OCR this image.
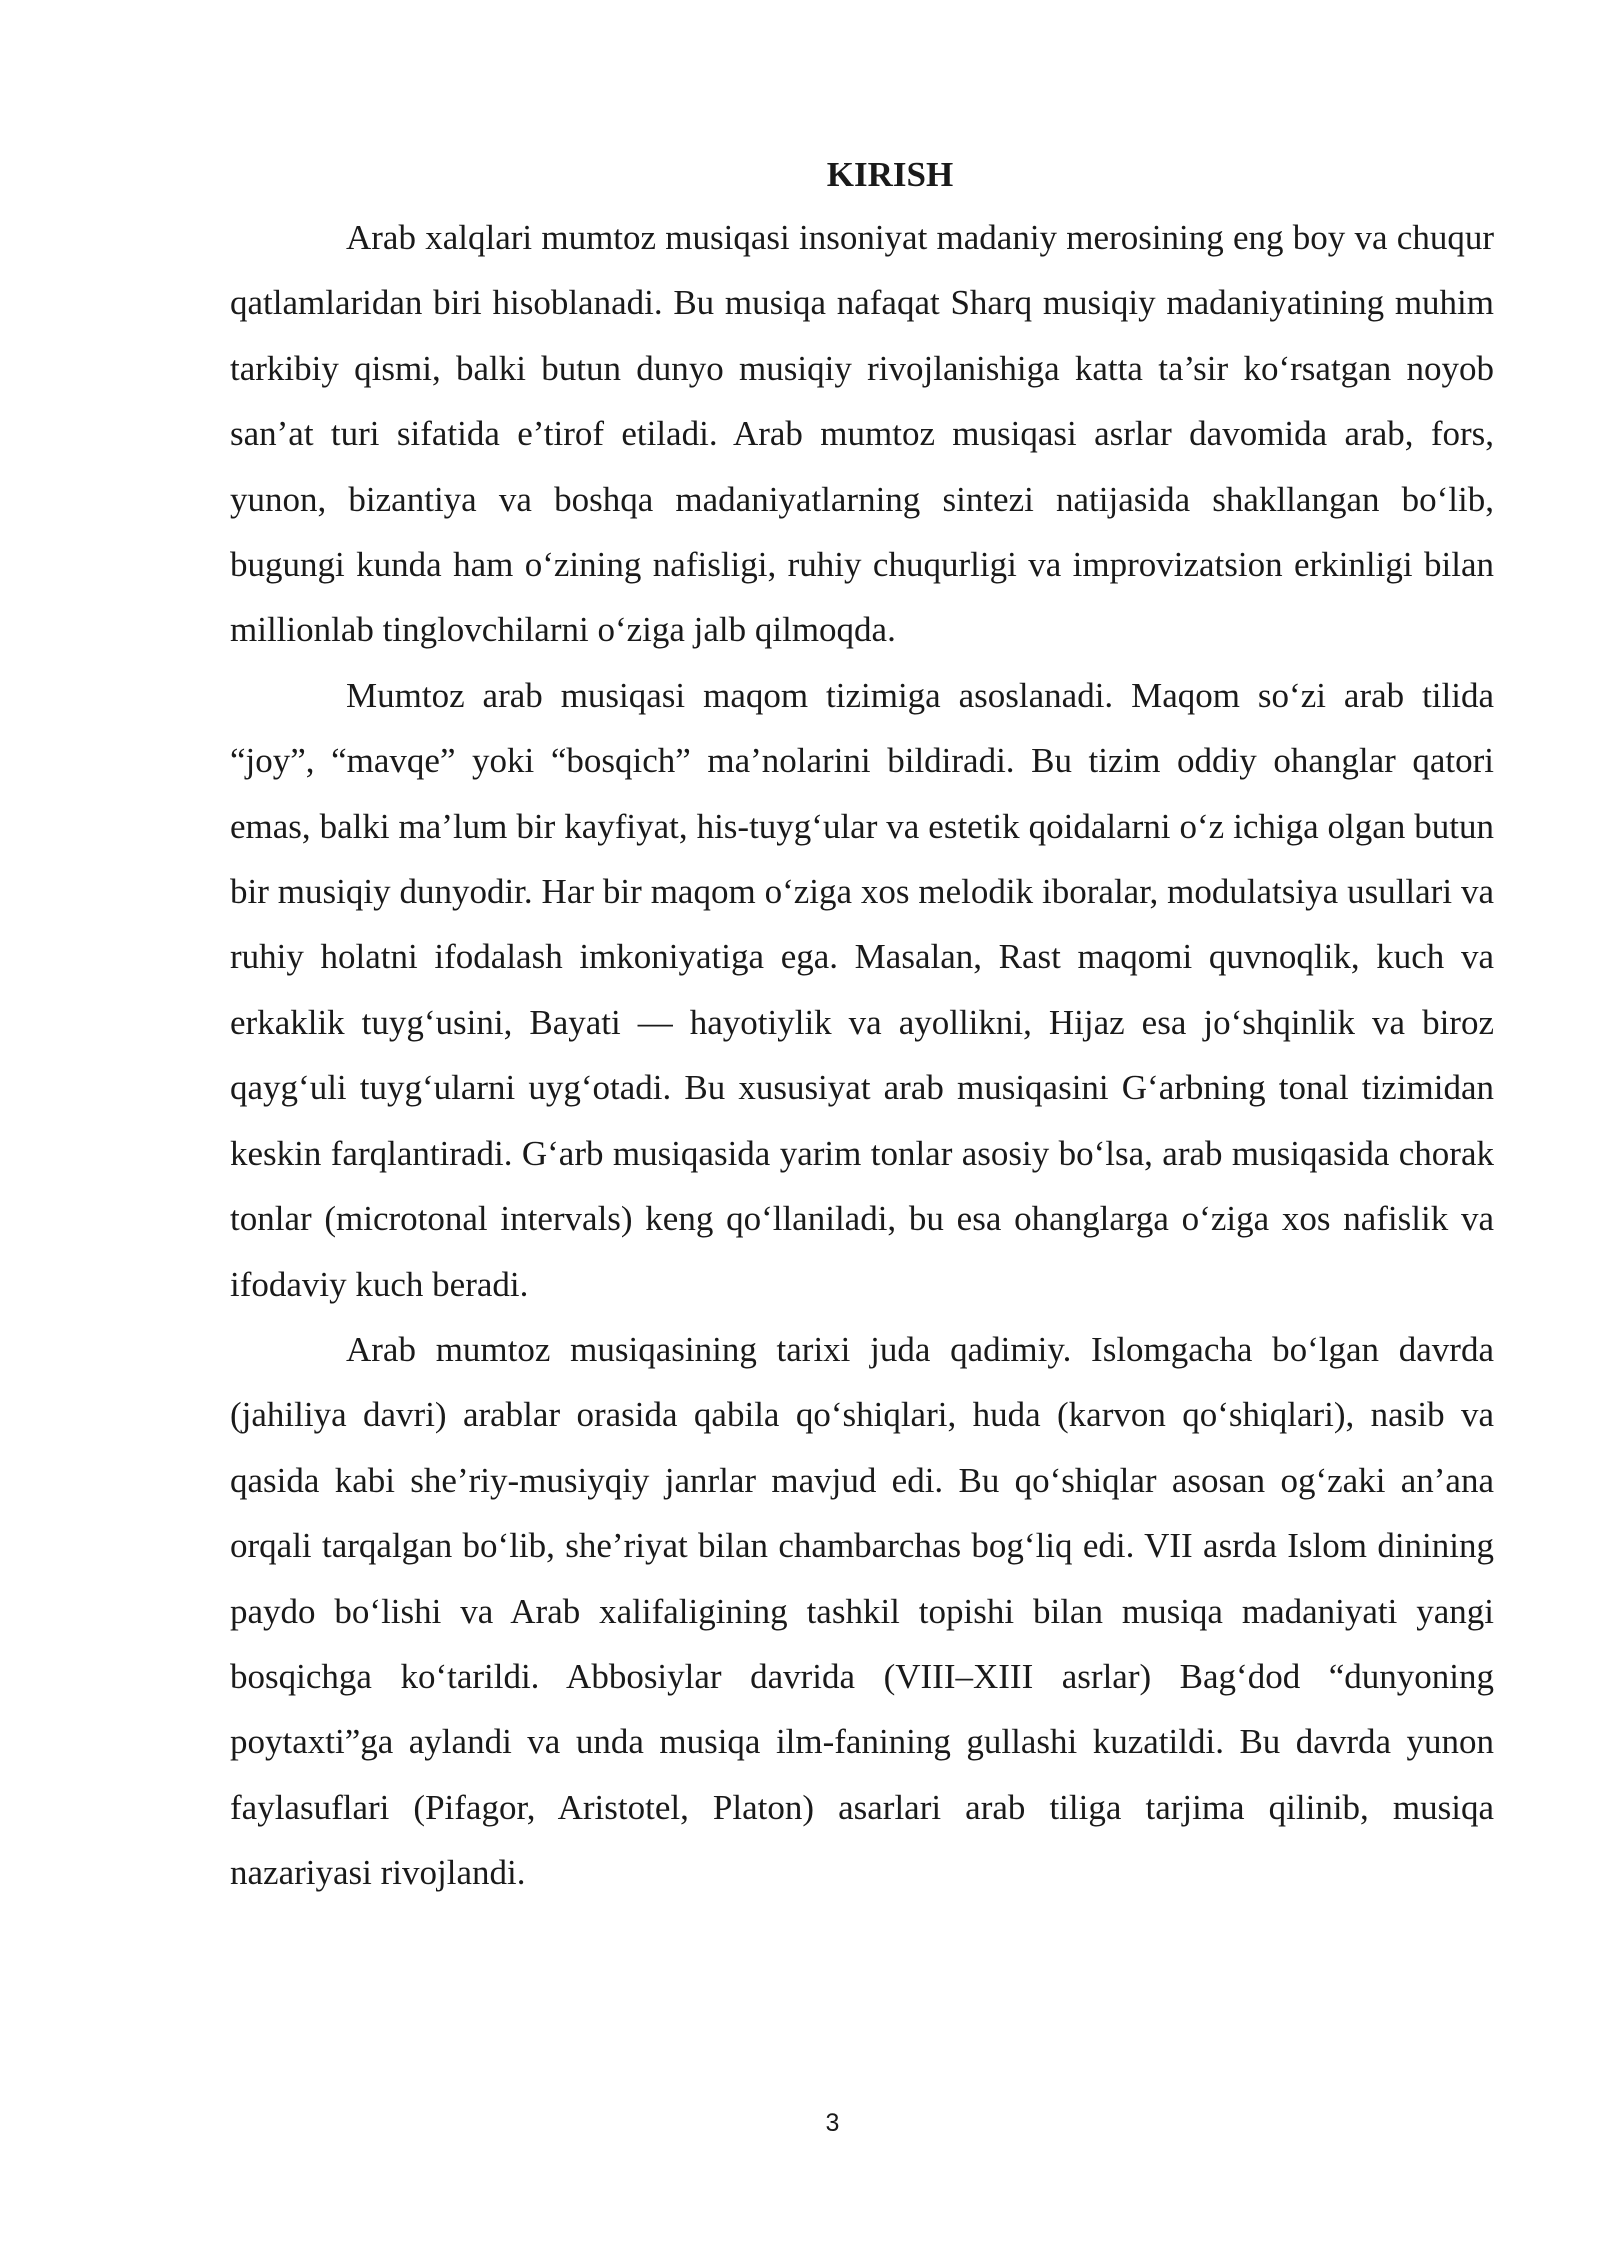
KIRISH

Arab xalqlari mumtoz musiqasi insoniyat madaniy merosining eng boy va chuqur qatlamlaridan biri hisoblanadi. Bu musiqa nafaqat Sharq musiqiy madaniyatining muhim tarkibiy qismi, balki butun dunyo musiqiy rivojlanishiga katta ta’sir ko‘rsatgan noyob san’at turi sifatida e’tirof etiladi. Arab mumtoz musiqasi asrlar davomida arab, fors, yunon, bizantiya va boshqa madaniyatlarning sintezi natijasida shakllangan bo‘lib, bugungi kunda ham o‘zining nafisligi, ruhiy chuqurligi va improvizatsion erkinligi bilan millionlab tinglovchilarni o‘ziga jalb qilmoqda.

Mumtoz arab musiqasi maqom tizimiga asoslanadi. Maqom so‘zi arab tilida “joy”, “mavqe” yoki “bosqich” ma’nolarini bildiradi. Bu tizim oddiy ohanglar qatori emas, balki ma’lum bir kayfiyat, his-tuyg‘ular va estetik qoidalarni o‘z ichiga olgan butun bir musiqiy dunyodir. Har bir maqom o‘ziga xos melodik iboralar, modulatsiya usullari va ruhiy holatni ifodalash imkoniyatiga ega. Masalan, Rast maqomi quvnoqlik, kuch va erkaklik tuyg‘usini, Bayati — hayotiylik va ayollikni, Hijaz esa jo‘shqinlik va biroz qayg‘uli tuyg‘ularni uyg‘otadi. Bu xususiyat arab musiqasini G‘arbning tonal tizimidan keskin farqlantiradi. G‘arb musiqasida yarim tonlar asosiy bo‘lsa, arab musiqasida chorak tonlar (microtonal intervals) keng qo‘llaniladi, bu esa ohanglarga o‘ziga xos nafislik va ifodaviy kuch beradi.

Arab mumtoz musiqasining tarixi juda qadimiy. Islomgacha bo‘lgan davrda (jahiliya davri) arablar orasida qabila qo‘shiqlari, huda (karvon qo‘shiqlari), nasib va qasida kabi she’riy-musiyqiy janrlar mavjud edi. Bu qo‘shiqlar asosan og‘zaki an’ana orqali tarqalgan bo‘lib, she’riyat bilan chambarchas bog‘liq edi. VII asrda Islom dinining paydo bo‘lishi va Arab xalifaligining tashkil topishi bilan musiqa madaniyati yangi bosqichga ko‘tarildi. Abbosiylar davrida (VIII–XIII asrlar) Bag‘dod “dunyoning poytaxti”ga aylandi va unda musiqa ilm-fanining gullashi kuzatildi. Bu davrda yunon faylasuflari (Pifagor, Aristotel, Platon) asarlari arab tiliga tarjima qilinib, musiqa nazariyasi rivojlandi.

3
